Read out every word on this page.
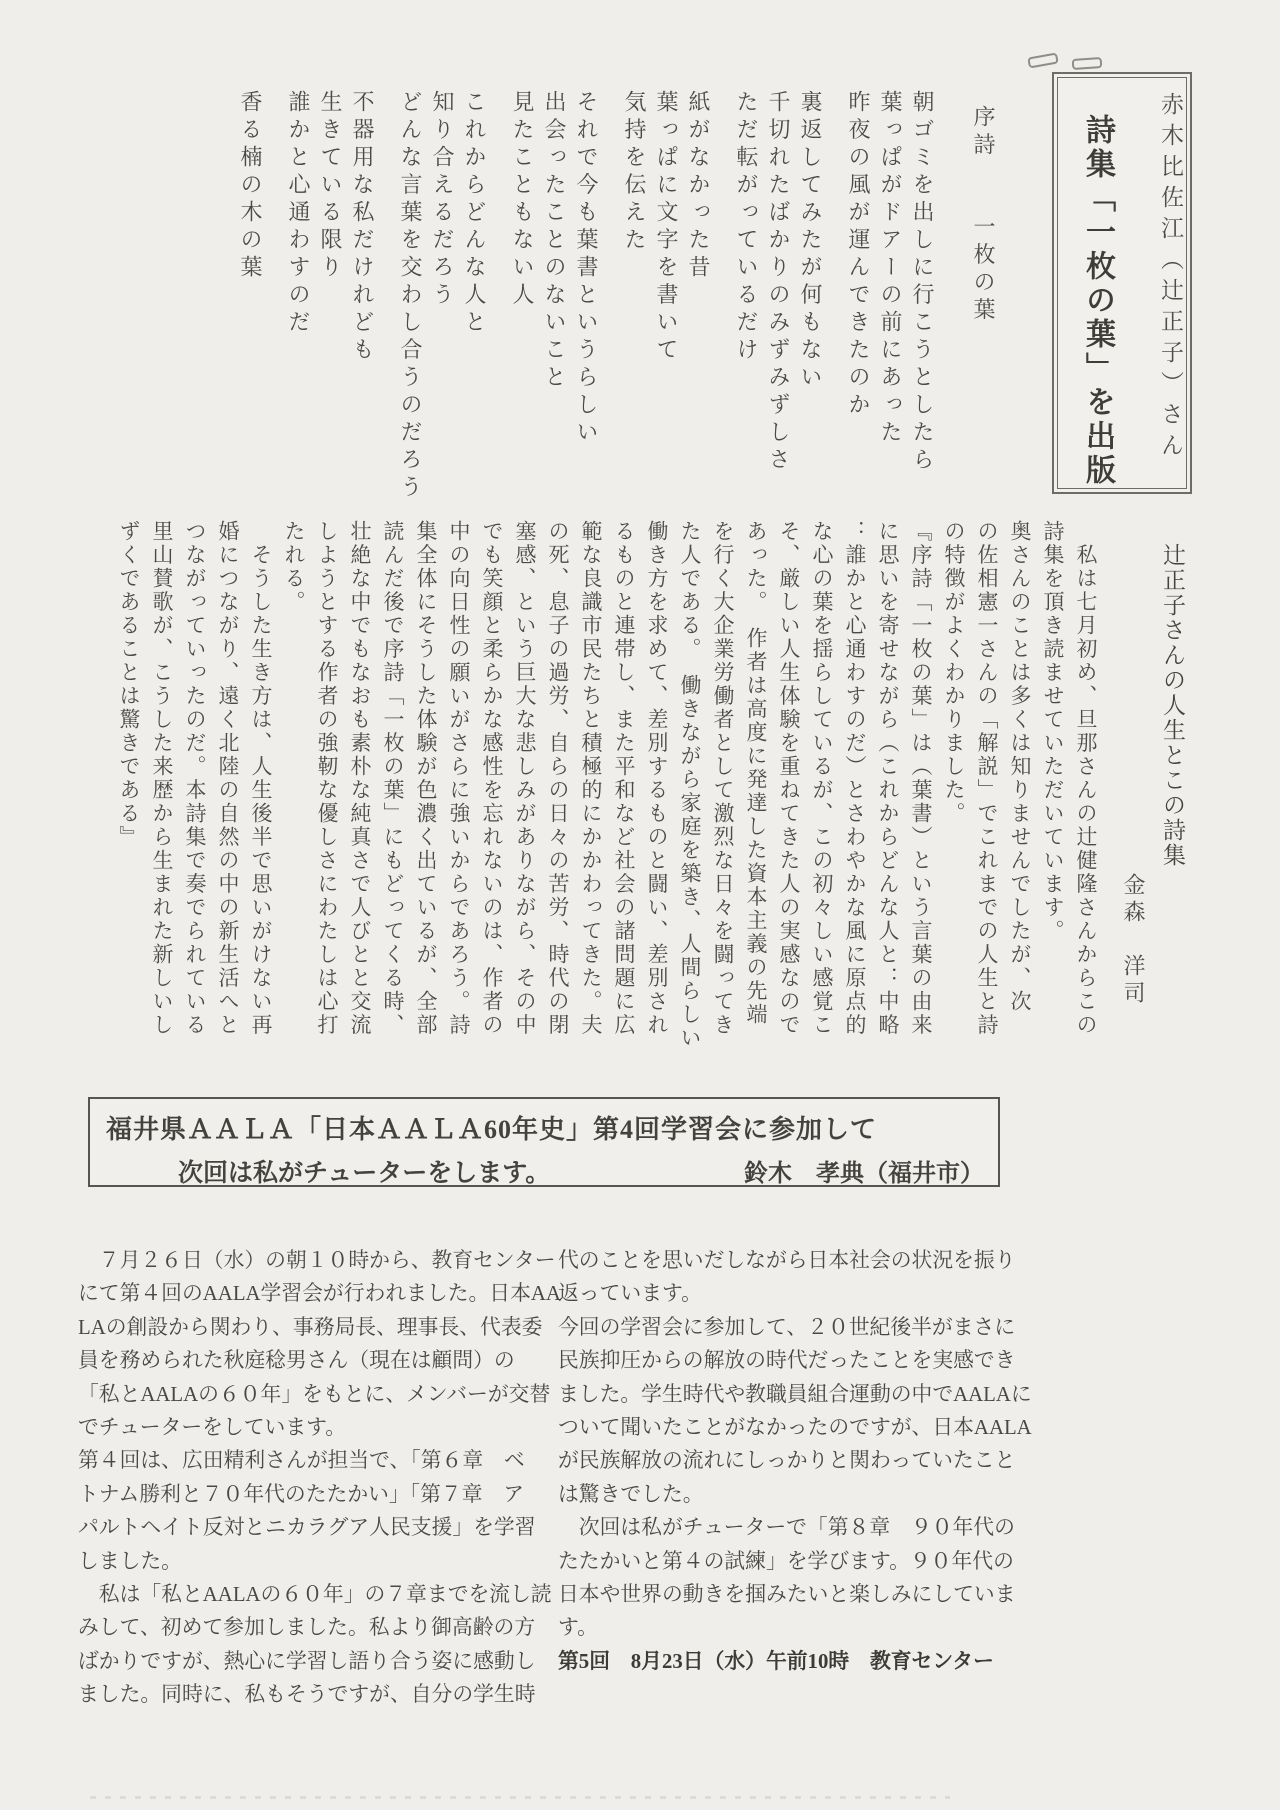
赤木比佐江（辻正子）さん
詩集「一枚の葉」を出版
序詩　　一枚の葉
朝ゴミを出しに行こうとしたら
葉っぱがドアーの前にあった
昨夜の風が運んできたのか
裏返してみたが何もない
千切れたばかりのみずみずしさ
ただ転がっているだけ
紙がなかった昔
葉っぱに文字を書いて
気持を伝えた
それで今も葉書というらしい
出会ったことのないこと
見たこともない人
これからどんな人と
知り合えるだろう
どんな言葉を交わし合うのだろう
不器用な私だけれども
生きている限り
誰かと心通わすのだ
香る楠の木の葉
辻正子さんの人生とこの詩集
金森　洋司
　私は七月初め、旦那さんの辻健隆さんからこの
詩集を頂き読ませていただいています。
奥さんのことは多くは知りませんでしたが、次
の佐相憲一さんの「解説」でこれまでの人生と詩
の特徴がよくわかりました。
『序詩「一枚の葉」は（葉書）という言葉の由来
に思いを寄せながら（これからどんな人と：中略
：誰かと心通わすのだ）とさわやかな風に原点的
な心の葉を揺らしているが、この初々しい感覚こ
そ、厳しい人生体験を重ねてきた人の実感なので
あった。　作者は高度に発達した資本主義の先端
を行く大企業労働者として激烈な日々を闘ってき
た人である。　働きながら家庭を築き、人間らしい
働き方を求めて、差別するものと闘い、差別され
るものと連帯し、また平和など社会の諸問題に広
範な良識市民たちと積極的にかかわってきた。夫
の死、息子の過労、自らの日々の苦労、時代の閉
塞感、という巨大な悲しみがありながら、その中
でも笑顔と柔らかな感性を忘れないのは、作者の
中の向日性の願いがさらに強いからであろう。詩
集全体にそうした体験が色濃く出ているが、全部
読んだ後で序詩「一枚の葉」にもどってくる時、
壮絶な中でもなおも素朴な純真さで人びとと交流
しようとする作者の強靭な優しさにわたしは心打
たれる。
　そうした生き方は、人生後半で思いがけない再
婚につながり、遠く北陸の自然の中の新生活へと
つながっていったのだ。本詩集で奏でられている
里山賛歌が、こうした来歴から生まれた新しいし
ずくであることは驚きである』
福井県ＡＡＬＡ「日本ＡＡＬＡ60年史」第4回学習会に参加して
次回は私がチューターをします。	鈴木　孝典（福井市）
　７月２６日（水）の朝１０時から、教育センター
にて第４回のAALA学習会が行われました。日本AA
LAの創設から関わり、事務局長、理事長、代表委
員を務められた秋庭稔男さん（現在は顧問）の
「私とAALAの６０年」をもとに、メンバーが交替
でチューターをしています。
第４回は、広田精利さんが担当で、「第６章　ベ
トナム勝利と７０年代のたたかい」「第７章　ア
パルトヘイト反対とニカラグア人民支援」を学習
しました。
　私は「私とAALAの６０年」の７章までを流し読
みして、初めて参加しました。私より御高齢の方
ばかりですが、熱心に学習し語り合う姿に感動し
ました。同時に、私もそうですが、自分の学生時
代のことを思いだしながら日本社会の状況を振り
返っています。
今回の学習会に参加して、２０世紀後半がまさに
民族抑圧からの解放の時代だったことを実感でき
ました。学生時代や教職員組合運動の中でAALAに
ついて聞いたことがなかったのですが、日本AALA
が民族解放の流れにしっかりと関わっていたこと
は驚きでした。
　次回は私がチューターで「第８章　９０年代の
たたかいと第４の試練」を学びます。９０年代の
日本や世界の動きを掴みたいと楽しみにしていま
す。
第5回　8月23日（水）午前10時　教育センター
